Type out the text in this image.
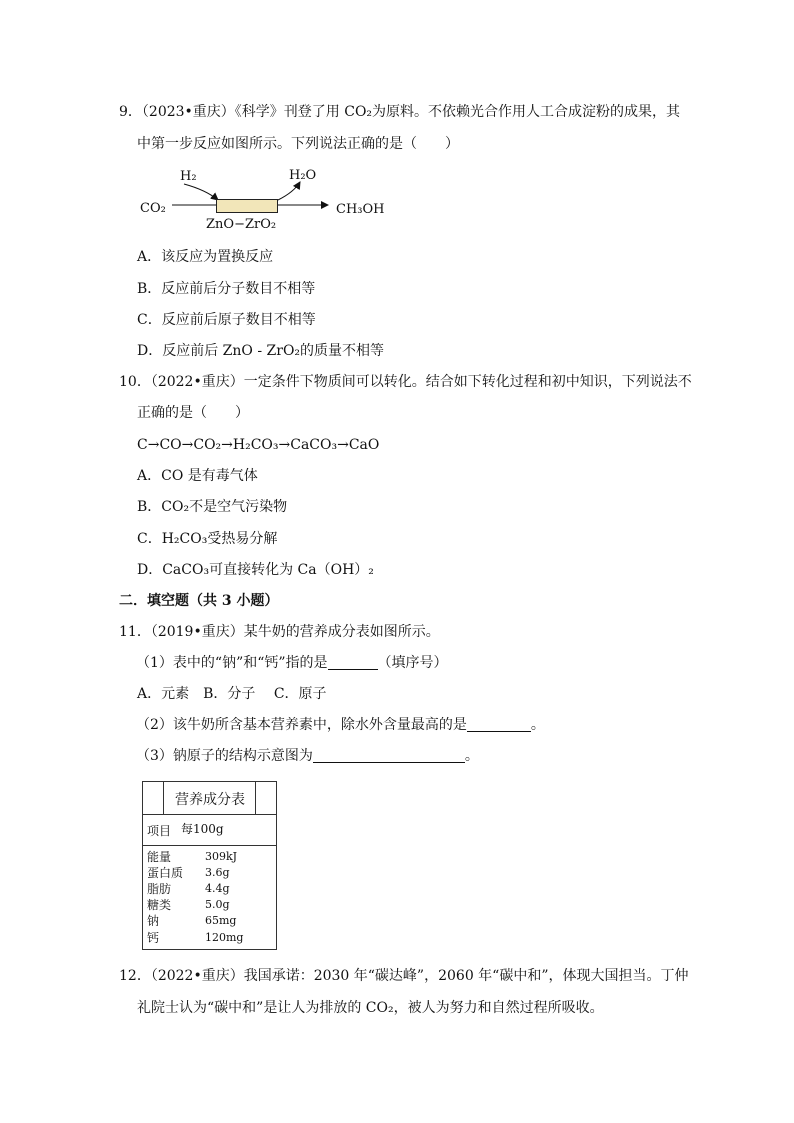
9．（2023•重庆）《科学》刊登了用 CO₂为原料。不依赖光合作用人工合成淀粉的成果，其
中第一步反应如图所示。下列说法正确的是（　　）
H₂	H₂O
CO₂	CH₃OH
ZnO−ZrO₂
A．该反应为置换反应
B．反应前后分子数目不相等
C．反应前后原子数目不相等
D．反应前后 ZnO - ZrO₂的质量不相等
10．（2022•重庆）一定条件下物质间可以转化。结合如下转化过程和初中知识，下列说法不
正确的是（　　）
C→CO→CO₂→H₂CO₃→CaCO₃→CaO
A．CO 是有毒气体
B．CO₂不是空气污染物
C．H₂CO₃受热易分解
D．CaCO₃可直接转化为 Ca（OH）₂
二．填空题（共 3 小题）
11．（2019•重庆）某牛奶的营养成分表如图所示。
（1）表中的“钠”和“钙”指的是	（填序号）
A．元素　B．分子　 C．原子
（2）该牛奶所含基本营养素中，除水外含量最高的是	。
（3）钠原子的结构示意图为	。
营养成分表
项目 每100g
能量	309kJ
蛋白质 3.6g
脂肪	4.4g
糖类	5.0g
钠	65mg
钙	120mg
12．（2022•重庆）我国承诺：2030 年“碳达峰”，2060 年“碳中和”，体现大国担当。丁仲
礼院士认为“碳中和”是让人为排放的 CO₂，被人为努力和自然过程所吸收。
